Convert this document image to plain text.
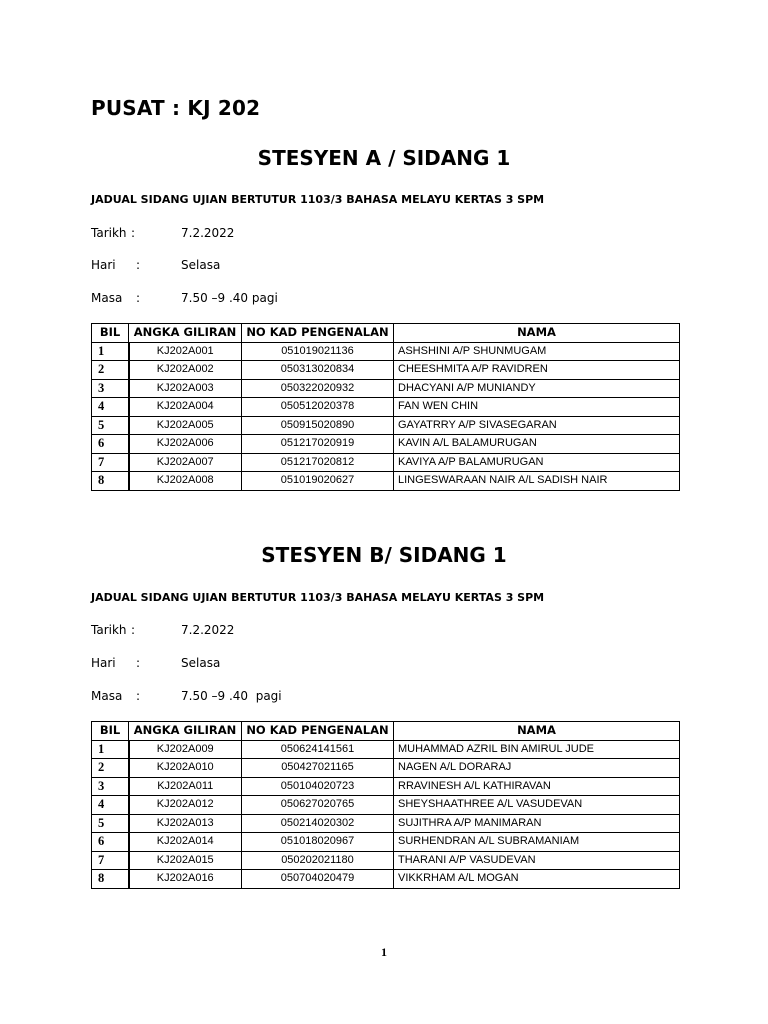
PUSAT : KJ 202
STESYEN A / SIDANG 1
JADUAL SIDANG UJIAN BERTUTUR 1103/3 BAHASA MELAYU KERTAS 3 SPM
Tarikh :	7.2.2022
Hari :	Selasa
Masa :	7.50 –9 .40 pagi
BIL	ANGKA GILIRAN	NO KAD PENGENALAN	NAMA
1	KJ202A001	051019021136	ASHSHINI A/P SHUNMUGAM
2	KJ202A002	050313020834	CHEESHMITA A/P RAVIDREN
3	KJ202A003	050322020932	DHACYANI A/P MUNIANDY
4	KJ202A004	050512020378	FAN WEN CHIN
5	KJ202A005	050915020890	GAYATRRY A/P SIVASEGARAN
6	KJ202A006	051217020919	KAVIN A/L BALAMURUGAN
7	KJ202A007	051217020812	KAVIYA A/P BALAMURUGAN
8	KJ202A008	051019020627	LINGESWARAAN NAIR A/L SADISH NAIR
STESYEN B/ SIDANG 1
JADUAL SIDANG UJIAN BERTUTUR 1103/3 BAHASA MELAYU KERTAS 3 SPM
Tarikh :	7.2.2022
Hari :	Selasa
Masa :	7.50 –9 .40  pagi
BIL	ANGKA GILIRAN	NO KAD PENGENALAN	NAMA
1	KJ202A009	050624141561	MUHAMMAD AZRIL BIN AMIRUL JUDE
2	KJ202A010	050427021165	NAGEN A/L DORARAJ
3	KJ202A011	050104020723	RRAVINESH A/L KATHIRAVAN
4	KJ202A012	050627020765	SHEYSHAATHREE A/L VASUDEVAN
5	KJ202A013	050214020302	SUJITHRA A/P MANIMARAN
6	KJ202A014	051018020967	SURHENDRAN A/L SUBRAMANIAM
7	KJ202A015	050202021180	THARANI A/P VASUDEVAN
8	KJ202A016	050704020479	VIKKRHAM A/L MOGAN
1
